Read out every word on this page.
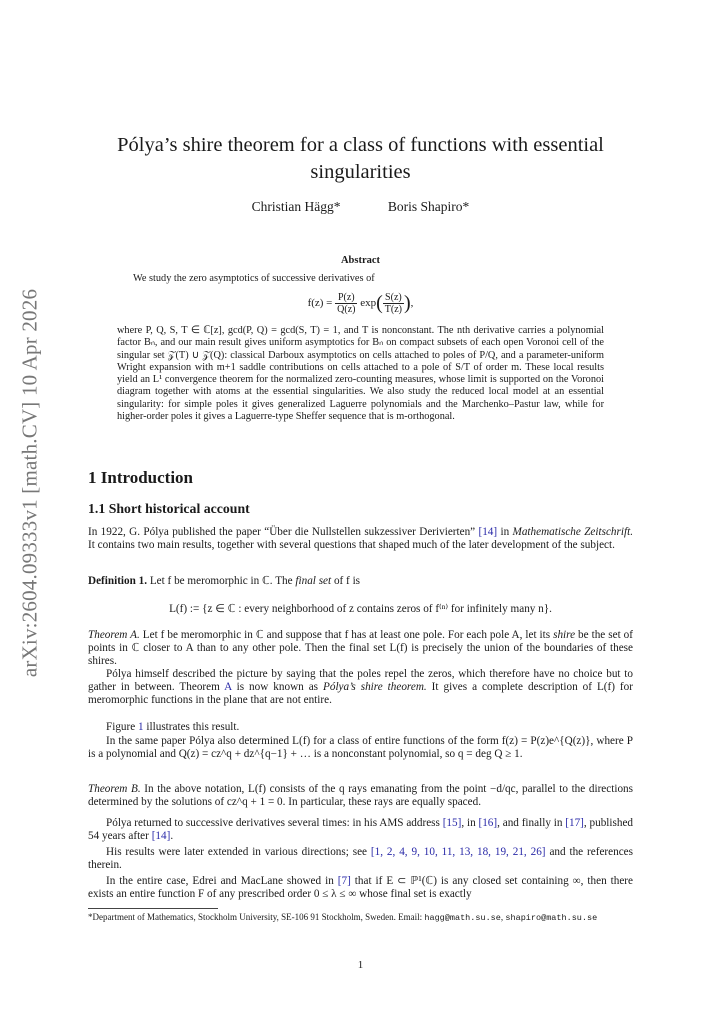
arXiv:2604.09333v1 [math.CV] 10 Apr 2026
Pólya’s shire theorem for a class of functions with essential singularities
Christian Hägg*	Boris Shapiro*
Abstract
We study the zero asymptotics of successive derivatives of
$f(z) = \frac{P(z)}{Q(z)} \exp( \frac{S(z)}{T(z)}$ ),
where P, Q, S, T ∈ ℂ[z], gcd(P, Q) = gcd(S, T) = 1, and T is nonconstant. The nth derivative carries a polynomial factor Bₙ, and our main result gives uniform asymptotics for Bₙ on compact subsets of each open Voronoi cell of the singular set 𝒵(T) ∪ 𝒵(Q): classical Darboux asymptotics on cells attached to poles of P/Q, and a parameter-uniform Wright expansion with m+1 saddle contributions on cells attached to a pole of S/T of order m. These local results yield an L¹ convergence theorem for the normalized zero-counting measures, whose limit is supported on the Voronoi diagram together with atoms at the essential singularities. We also study the reduced local model at an essential singularity: for simple poles it gives generalized Laguerre polynomials and the Marchenko–Pastur law, while for higher-order poles it gives a Laguerre-type Sheffer sequence that is m-orthogonal.
1 Introduction
1.1 Short historical account
In 1922, G. Pólya published the paper “Über die Nullstellen sukzessiver Derivierten” [14] in Mathematische Zeitschrift. It contains two main results, together with several questions that shaped much of the later development of the subject.
Definition 1. Let f be meromorphic in ℂ. The final set of f is
L(f) := {z ∈ ℂ : every neighborhood of z contains zeros of f⁽ⁿ⁾ for infinitely many n}.
Theorem A. Let f be meromorphic in ℂ and suppose that f has at least one pole. For each pole A, let its shire be the set of points in ℂ closer to A than to any other pole. Then the final set L(f) is precisely the union of the boundaries of these shires.
Pólya himself described the picture by saying that the poles repel the zeros, which therefore have no choice but to gather in between. Theorem A is now known as Pólya’s shire theorem. It gives a complete description of L(f) for meromorphic functions in the plane that are not entire.
Figure 1 illustrates this result.
In the same paper Pólya also determined L(f) for a class of entire functions of the form f(z) = P(z)e^{Q(z)}, where P is a polynomial and Q(z) = cz^q + dz^{q−1} + … is a nonconstant polynomial, so q = deg Q ≥ 1.
Theorem B. In the above notation, L(f) consists of the q rays emanating from the point −d/qc, parallel to the directions determined by the solutions of cz^q + 1 = 0. In particular, these rays are equally spaced.
Pólya returned to successive derivatives several times: in his AMS address [15], in [16], and finally in [17], published 54 years after [14].
His results were later extended in various directions; see [1, 2, 4, 9, 10, 11, 13, 18, 19, 21, 26] and the references therein.
In the entire case, Edrei and MacLane showed in [7] that if E ⊂ ℙ¹(ℂ) is any closed set containing ∞, then there exists an entire function F of any prescribed order 0 ≤ λ ≤ ∞ whose final set is exactly
*Department of Mathematics, Stockholm University, SE-106 91 Stockholm, Sweden. Email: hagg@math.su.se, shapiro@math.su.se
1
